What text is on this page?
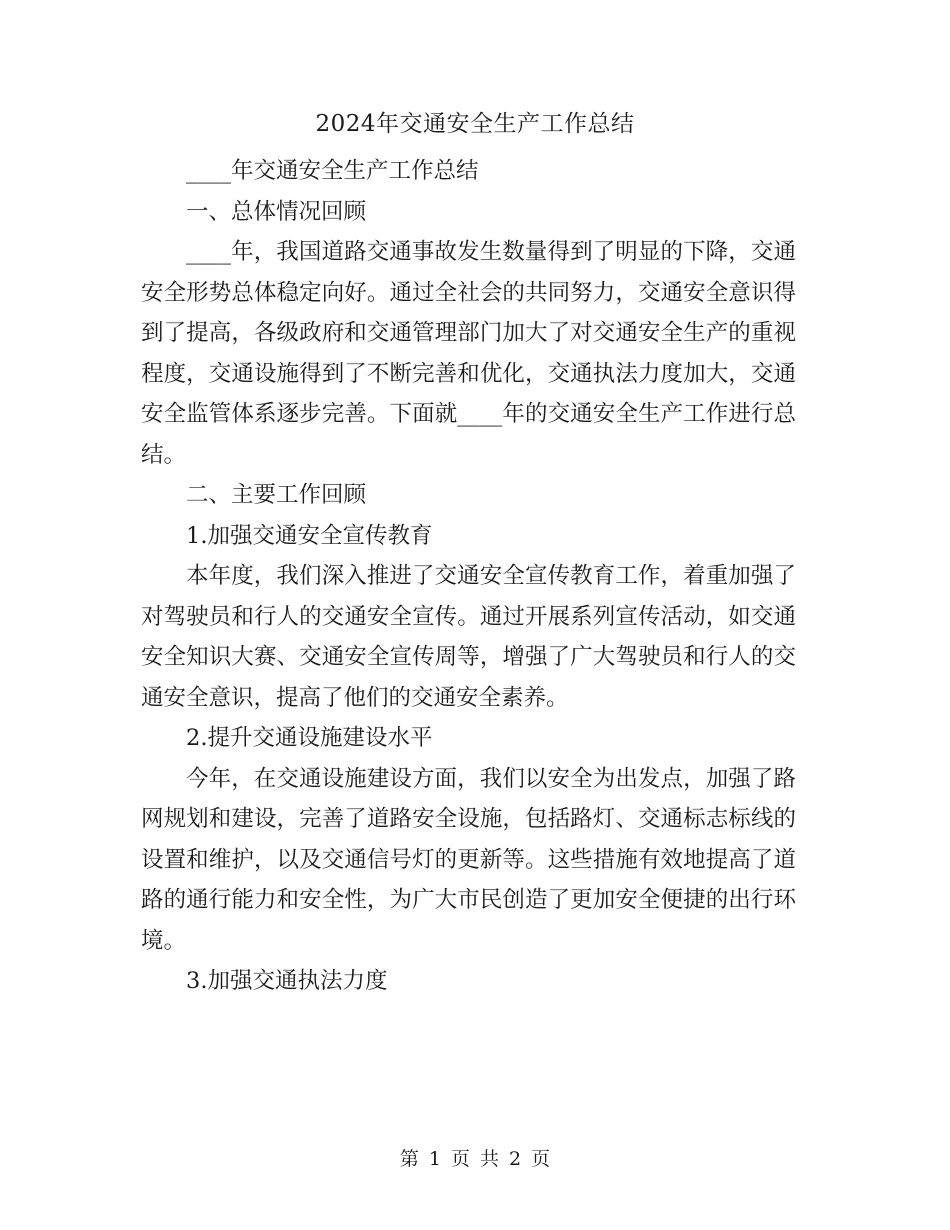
2024年交通安全生产工作总结

____年交通安全生产工作总结

一、总体情况回顾

____年，我国道路交通事故发生数量得到了明显的下降，交通安全形势总体稳定向好。通过全社会的共同努力，交通安全意识得到了提高，各级政府和交通管理部门加大了对交通安全生产的重视程度，交通设施得到了不断完善和优化，交通执法力度加大，交通安全监管体系逐步完善。下面就____年的交通安全生产工作进行总结。

二、主要工作回顾

1.加强交通安全宣传教育

本年度，我们深入推进了交通安全宣传教育工作，着重加强了对驾驶员和行人的交通安全宣传。通过开展系列宣传活动，如交通安全知识大赛、交通安全宣传周等，增强了广大驾驶员和行人的交通安全意识，提高了他们的交通安全素养。

2.提升交通设施建设水平

今年，在交通设施建设方面，我们以安全为出发点，加强了路网规划和建设，完善了道路安全设施，包括路灯、交通标志标线的设置和维护，以及交通信号灯的更新等。这些措施有效地提高了道路的通行能力和安全性，为广大市民创造了更加安全便捷的出行环境。

3.加强交通执法力度

第 1 页 共 2 页
